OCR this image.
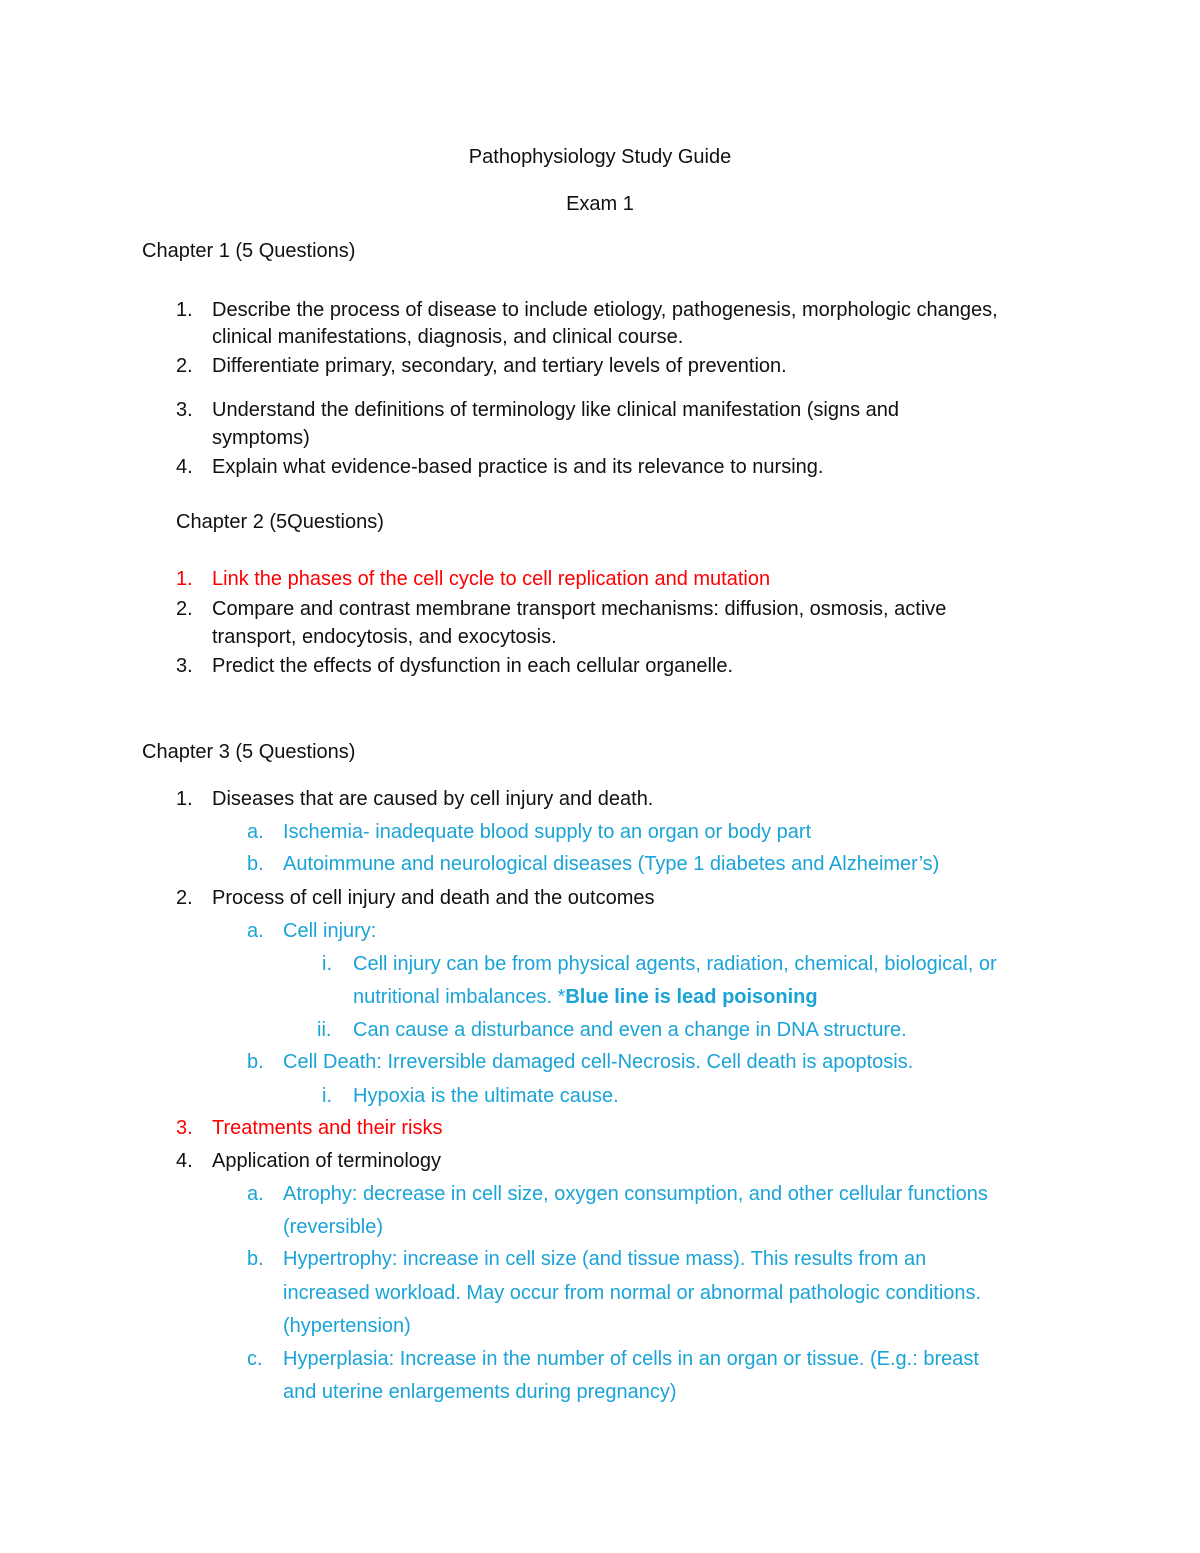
Pathophysiology Study Guide
Exam 1
Chapter 1 (5 Questions)
1. Describe the process of disease to include etiology, pathogenesis, morphologic changes,
clinical manifestations, diagnosis, and clinical course.
2. Differentiate primary, secondary, and tertiary levels of prevention.
3. Understand the definitions of terminology like clinical manifestation (signs and
symptoms)
4. Explain what evidence-based practice is and its relevance to nursing.
Chapter 2 (5Questions)
1. Link the phases of the cell cycle to cell replication and mutation
2. Compare and contrast membrane transport mechanisms: diffusion, osmosis, active
transport, endocytosis, and exocytosis.
3. Predict the effects of dysfunction in each cellular organelle.
Chapter 3 (5 Questions)
1. Diseases that are caused by cell injury and death.
a. Ischemia- inadequate blood supply to an organ or body part
b. Autoimmune and neurological diseases (Type 1 diabetes and Alzheimer’s)
2. Process of cell injury and death and the outcomes
a. Cell injury:
i. Cell injury can be from physical agents, radiation, chemical, biological, or
nutritional imbalances. *Blue line is lead poisoning
ii. Can cause a disturbance and even a change in DNA structure.
b. Cell Death: Irreversible damaged cell-Necrosis. Cell death is apoptosis.
i. Hypoxia is the ultimate cause.
3. Treatments and their risks
4. Application of terminology
a. Atrophy: decrease in cell size, oxygen consumption, and other cellular functions
(reversible)
b. Hypertrophy: increase in cell size (and tissue mass). This results from an
increased workload. May occur from normal or abnormal pathologic conditions.
(hypertension)
c. Hyperplasia: Increase in the number of cells in an organ or tissue. (E.g.: breast
and uterine enlargements during pregnancy)
